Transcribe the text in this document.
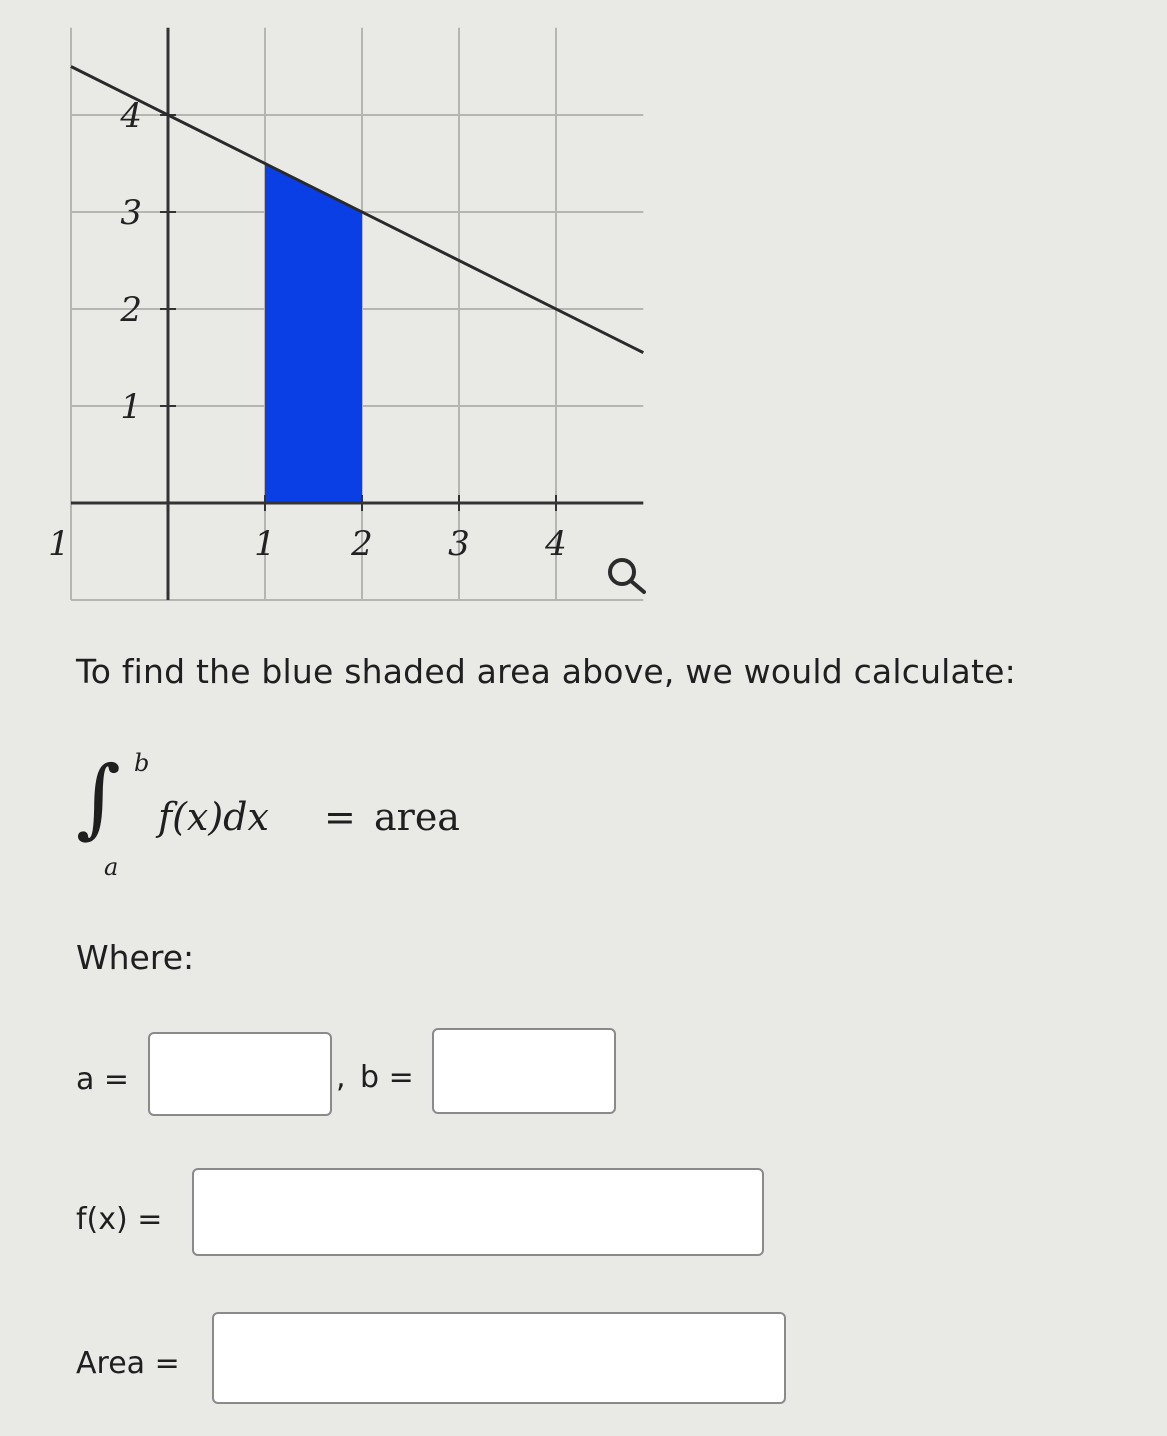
1	1 2 3 4
4
3
2
1

To find the blue shaded area above, we would calculate:

∫ b
a
f(x)dx = area
Where:
a =	, b =
f(x) =
Area =
